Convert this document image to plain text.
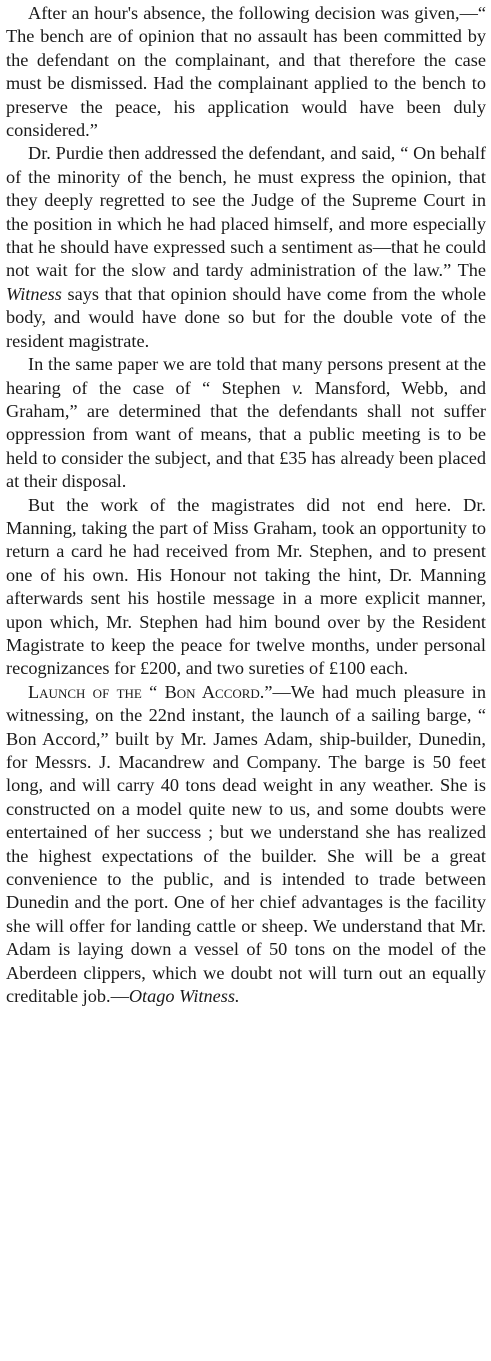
After an hour's absence, the following decision was given,—“ The bench are of opinion that no assault has been committed by the defendant on the complainant, and that therefore the case must be dismissed. Had the complainant applied to the bench to preserve the peace, his application would have been duly considered.”

Dr. Purdie then addressed the defendant, and said, “ On behalf of the minority of the bench, he must express the opinion, that they deeply regretted to see the Judge of the Supreme Court in the position in which he had placed himself, and more especially that he should have expressed such a sentiment as—that he could not wait for the slow and tardy administration of the law.” The Witness says that that opinion should have come from the whole body, and would have done so but for the double vote of the resident magistrate.

In the same paper we are told that many persons present at the hearing of the case of “ Stephen v. Mansford, Webb, and Graham,” are determined that the defendants shall not suffer oppression from want of means, that a public meeting is to be held to consider the subject, and that £35 has already been placed at their disposal.

But the work of the magistrates did not end here. Dr. Manning, taking the part of Miss Graham, took an opportunity to return a card he had received from Mr. Stephen, and to present one of his own. His Honour not taking the hint, Dr. Manning afterwards sent his hostile message in a more explicit manner, upon which, Mr. Stephen had him bound over by the Resident Magistrate to keep the peace for twelve months, under personal recognizances for £200, and two sureties of £100 each.

Launch of the “ Bon Accord.”—We had much pleasure in witnessing, on the 22nd instant, the launch of a sailing barge, “ Bon Accord,” built by Mr. James Adam, ship-builder, Dunedin, for Messrs. J. Macandrew and Company. The barge is 50 feet long, and will carry 40 tons dead weight in any weather. She is constructed on a model quite new to us, and some doubts were entertained of her success ; but we understand she has realized the highest expectations of the builder. She will be a great convenience to the public, and is intended to trade between Dunedin and the port. One of her chief advantages is the facility she will offer for landing cattle or sheep. We understand that Mr. Adam is laying down a vessel of 50 tons on the model of the Aberdeen clippers, which we doubt not will turn out an equally creditable job.—Otago Witness.
